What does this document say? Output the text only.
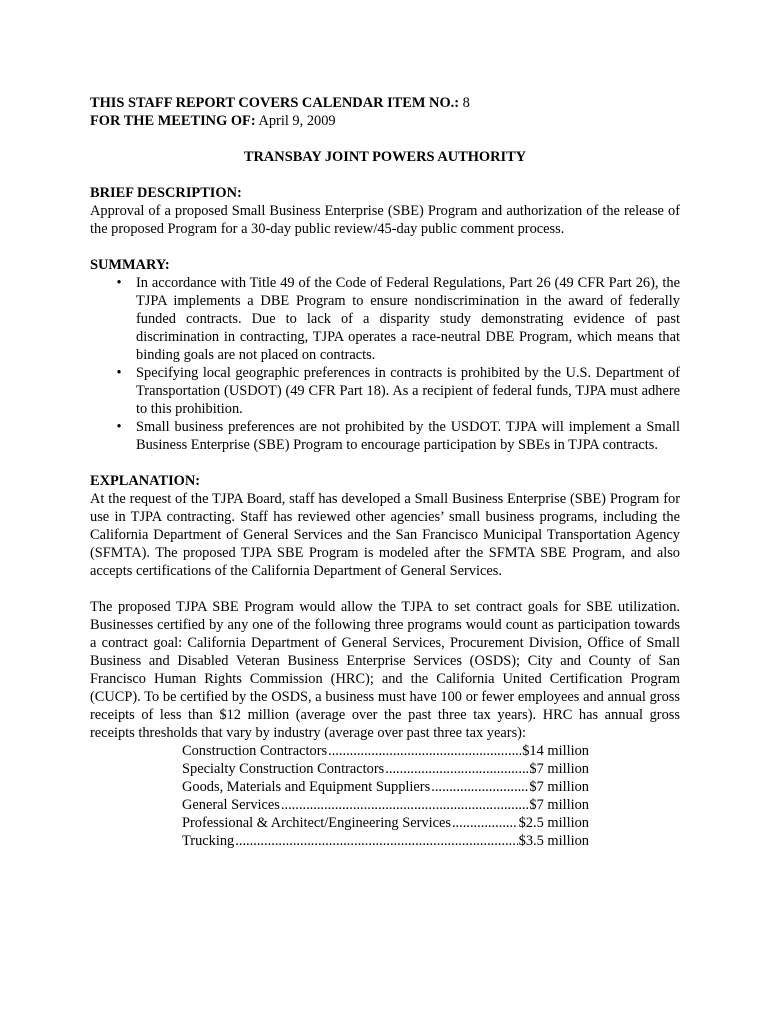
THIS STAFF REPORT COVERS CALENDAR ITEM NO.: 8
FOR THE MEETING OF: April 9, 2009
TRANSBAY JOINT POWERS AUTHORITY
BRIEF DESCRIPTION:

Approval of a proposed Small Business Enterprise (SBE) Program and authorization of the release of the proposed Program for a 30-day public review/45-day public comment process.

SUMMARY:
• In accordance with Title 49 of the Code of Federal Regulations, Part 26 (49 CFR Part 26), the TJPA implements a DBE Program to ensure nondiscrimination in the award of federally funded contracts. Due to lack of a disparity study demonstrating evidence of past discrimination in contracting, TJPA operates a race-neutral DBE Program, which means that binding goals are not placed on contracts.
• Specifying local geographic preferences in contracts is prohibited by the U.S. Department of Transportation (USDOT) (49 CFR Part 18). As a recipient of federal funds, TJPA must adhere to this prohibition.
• Small business preferences are not prohibited by the USDOT. TJPA will implement a Small Business Enterprise (SBE) Program to encourage participation by SBEs in TJPA contracts.
EXPLANATION:

At the request of the TJPA Board, staff has developed a Small Business Enterprise (SBE) Program for use in TJPA contracting. Staff has reviewed other agencies’ small business programs, including the California Department of General Services and the San Francisco Municipal Transportation Agency (SFMTA). The proposed TJPA SBE Program is modeled after the SFMTA SBE Program, and also accepts certifications of the California Department of General Services.

The proposed TJPA SBE Program would allow the TJPA to set contract goals for SBE utilization. Businesses certified by any one of the following three programs would count as participation towards a contract goal: California Department of General Services, Procurement Division, Office of Small Business and Disabled Veteran Business Enterprise Services (OSDS); City and County of San Francisco Human Rights Commission (HRC); and the California United Certification Program (CUCP). To be certified by the OSDS, a business must have 100 or fewer employees and annual gross receipts of less than $12 million (average over the past three tax years). HRC has annual gross receipts thresholds that vary by industry (average over past three tax years):

Construction Contractors .....	$14 million
Specialty Construction Contractors .....	$7 million
Goods, Materials and Equipment Suppliers .....	$7 million
General Services .....	$7 million
Professional & Architect/Engineering Services .....	$2.5 million
Trucking .....	$3.5 million
